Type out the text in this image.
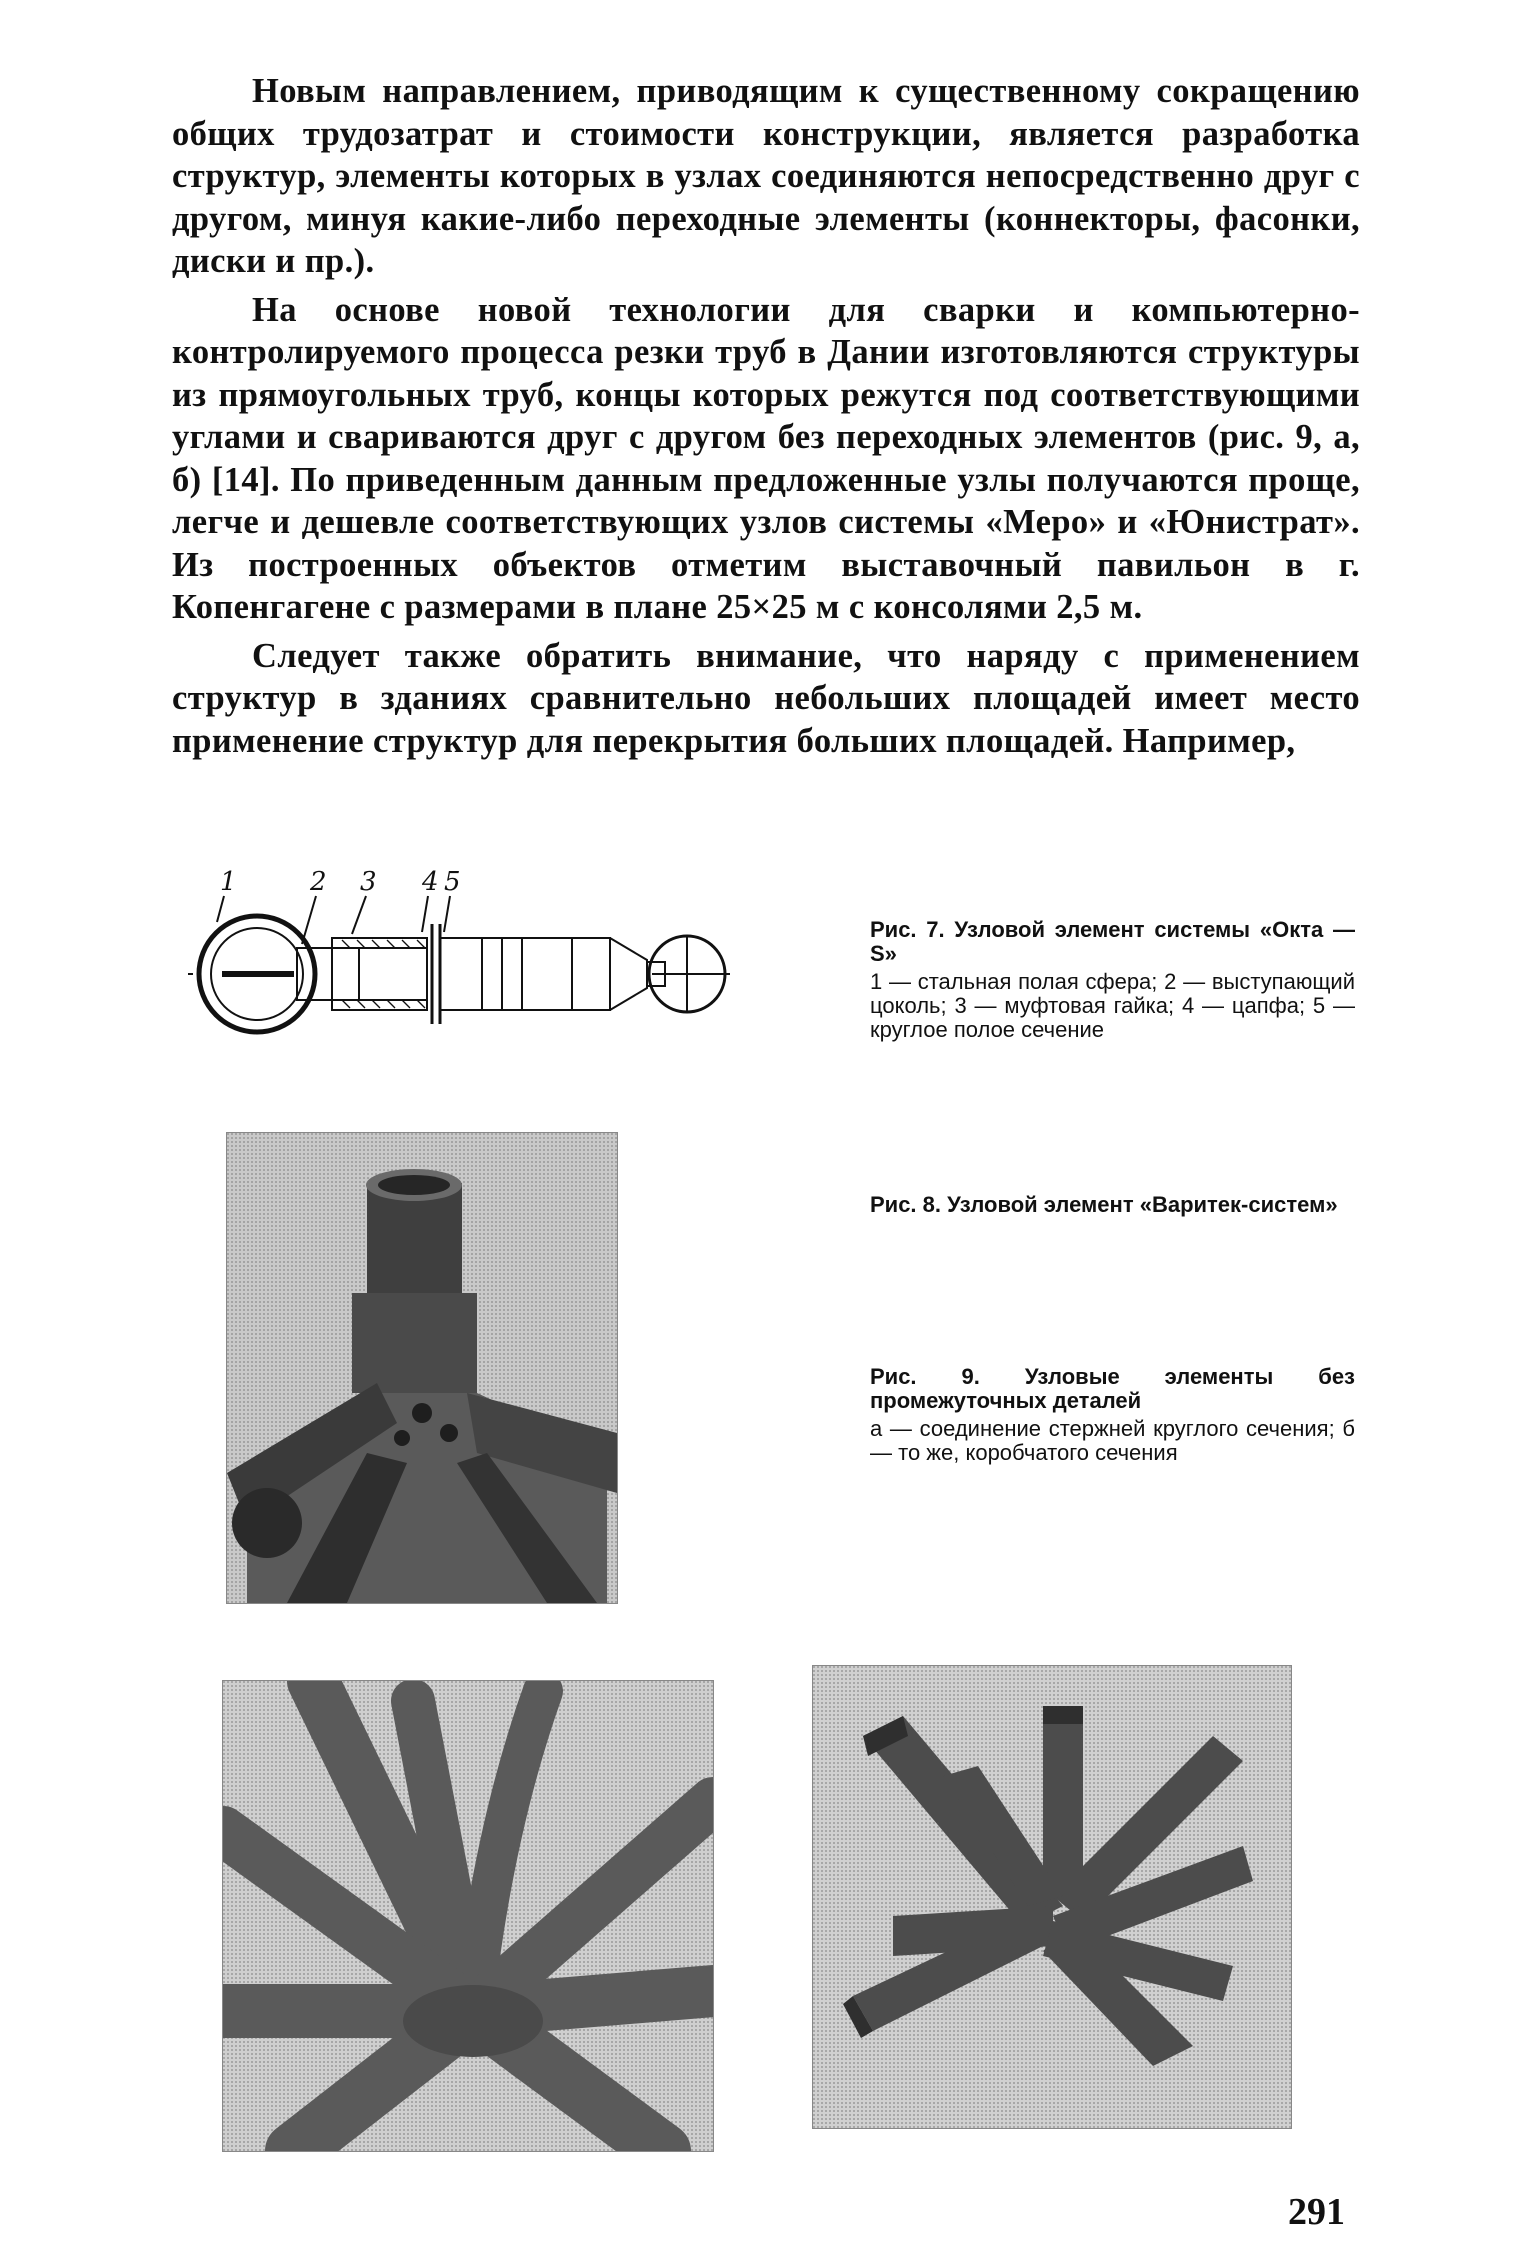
Новым направлением, приводящим к существенному сокращению общих трудозатрат и стоимости конструкции, является разработка структур, элементы которых в узлах соединяются непосредственно друг с другом, минуя какие-либо переходные элементы (коннекторы, фасонки, диски и пр.).

На основе новой технологии для сварки и компьютерно-контролируемого процесса резки труб в Дании изготовляются структуры из прямоугольных труб, концы которых режутся под соответствующими углами и свариваются друг с другом без переходных элементов (рис. 9, а, б) [14]. По приведенным данным предложенные узлы получаются проще, легче и дешевле соответствующих узлов системы «Меро» и «Юнистрат». Из построенных объектов отметим выставочный павильон в г. Копенгагене с размерами в плане 25×25 м с консолями 2,5 м.

Следует также обратить внимание, что наряду с применением структур в зданиях сравнительно небольших площадей имеет место применение структур для перекрытия больших площадей. Например,

1	2 3 4 5
Рис. 7. Узловой элемент системы «Окта — S»
1 — стальная полая сфера; 2 — выступающий цоколь; 3 — муфтовая гайка; 4 — цапфа; 5 — круглое полое сечение
Рис. 8. Узловой элемент «Варитек-систем»
Рис. 9. Узловые элементы без промежуточных деталей
а — соединение стержней круглого сечения; б — то же, коробчатого сечения
291
